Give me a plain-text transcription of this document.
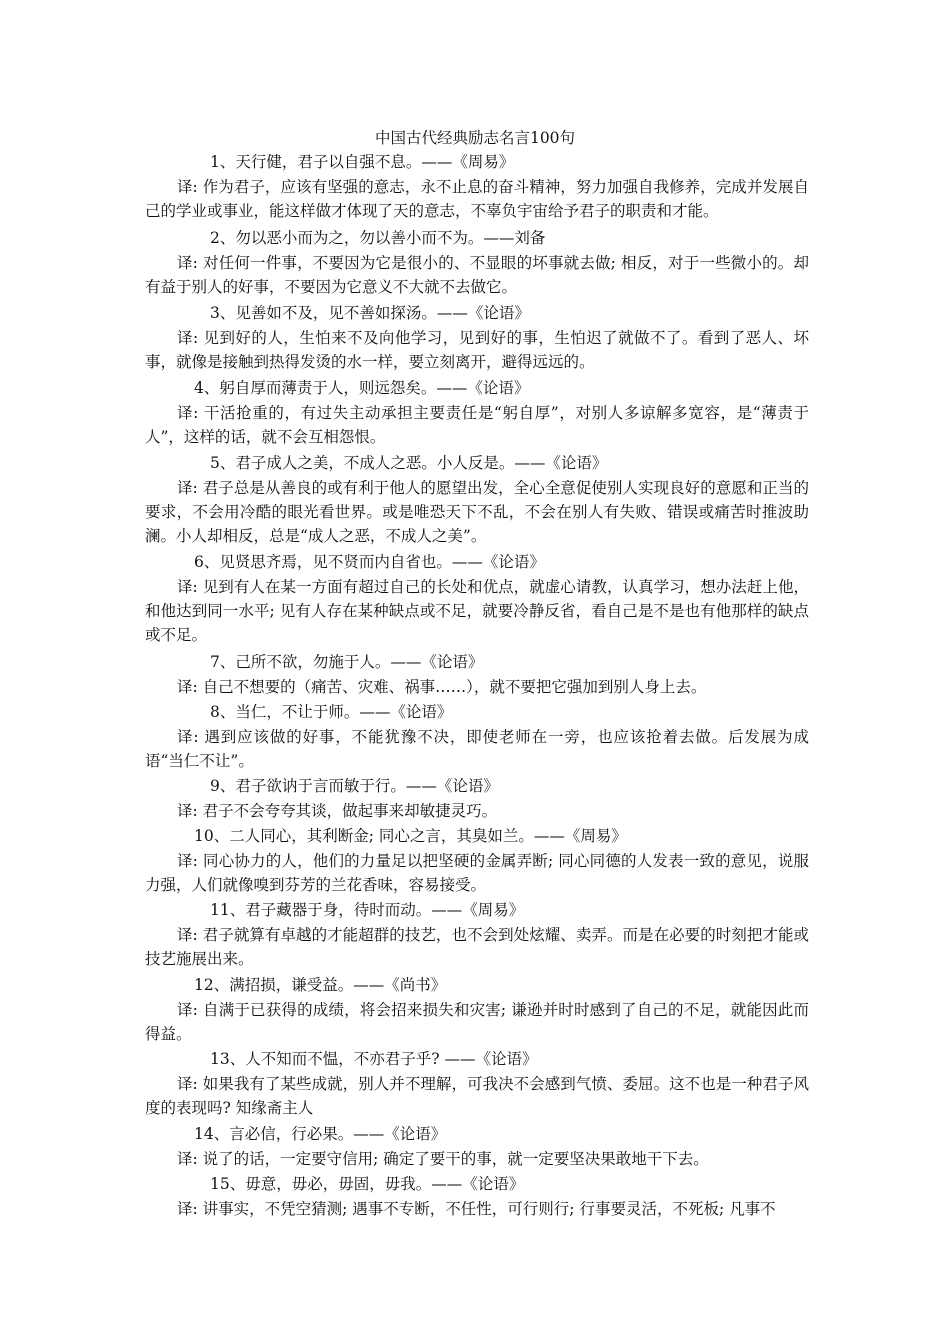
中国古代经典励志名言100句
1、天行健，君子以自强不息。——《周易》
译: 作为君子，应该有坚强的意志，永不止息的奋斗精神，努力加强自我修养，完成并发展自己的学业或事业，能这样做才体现了天的意志，不辜负宇宙给予君子的职责和才能。
2、勿以恶小而为之，勿以善小而不为。——刘备
译: 对任何一件事，不要因为它是很小的、不显眼的坏事就去做; 相反，对于一些微小的。却有益于别人的好事，不要因为它意义不大就不去做它。
3、见善如不及，见不善如探汤。——《论语》
译: 见到好的人，生怕来不及向他学习，见到好的事，生怕迟了就做不了。看到了恶人、坏事，就像是接触到热得发烫的水一样，要立刻离开，避得远远的。
4、躬自厚而薄责于人，则远怨矣。——《论语》
译: 干活抢重的，有过失主动承担主要责任是“躬自厚”，对别人多谅解多宽容，是“薄责于人”，这样的话，就不会互相怨恨。
5、君子成人之美，不成人之恶。小人反是。——《论语》
译: 君子总是从善良的或有利于他人的愿望出发，全心全意促使别人实现良好的意愿和正当的要求，不会用冷酷的眼光看世界。或是唯恐天下不乱，不会在别人有失败、错误或痛苦时推波助澜。小人却相反，总是“成人之恶，不成人之美”。
6、见贤思齐焉，见不贤而内自省也。——《论语》
译: 见到有人在某一方面有超过自己的长处和优点，就虚心请教，认真学习，想办法赶上他，和他达到同一水平; 见有人存在某种缺点或不足，就要冷静反省，看自己是不是也有他那样的缺点或不足。
7、己所不欲，勿施于人。——《论语》
译: 自己不想要的（痛苦、灾难、祸事……），就不要把它强加到别人身上去。
8、当仁，不让于师。——《论语》
译: 遇到应该做的好事，不能犹豫不决，即使老师在一旁，也应该抢着去做。后发展为成语“当仁不让”。
9、君子欲讷于言而敏于行。——《论语》
译: 君子不会夸夸其谈，做起事来却敏捷灵巧。
10、二人同心，其利断金; 同心之言，其臭如兰。——《周易》
译: 同心协力的人，他们的力量足以把坚硬的金属弄断; 同心同德的人发表一致的意见，说服力强，人们就像嗅到芬芳的兰花香味，容易接受。
11、君子藏器于身，待时而动。——《周易》
译: 君子就算有卓越的才能超群的技艺，也不会到处炫耀、卖弄。而是在必要的时刻把才能或技艺施展出来。
12、满招损，谦受益。——《尚书》
译: 自满于已获得的成绩，将会招来损失和灾害; 谦逊并时时感到了自己的不足，就能因此而得益。
13、人不知而不愠，不亦君子乎? ——《论语》
译: 如果我有了某些成就，别人并不理解，可我决不会感到气愤、委屈。这不也是一种君子风度的表现吗? 知缘斋主人
14、言必信，行必果。——《论语》
译: 说了的话，一定要守信用; 确定了要干的事，就一定要坚决果敢地干下去。
15、毋意，毋必，毋固，毋我。——《论语》
译: 讲事实，不凭空猜测; 遇事不专断，不任性，可行则行; 行事要灵活，不死板; 凡事不
